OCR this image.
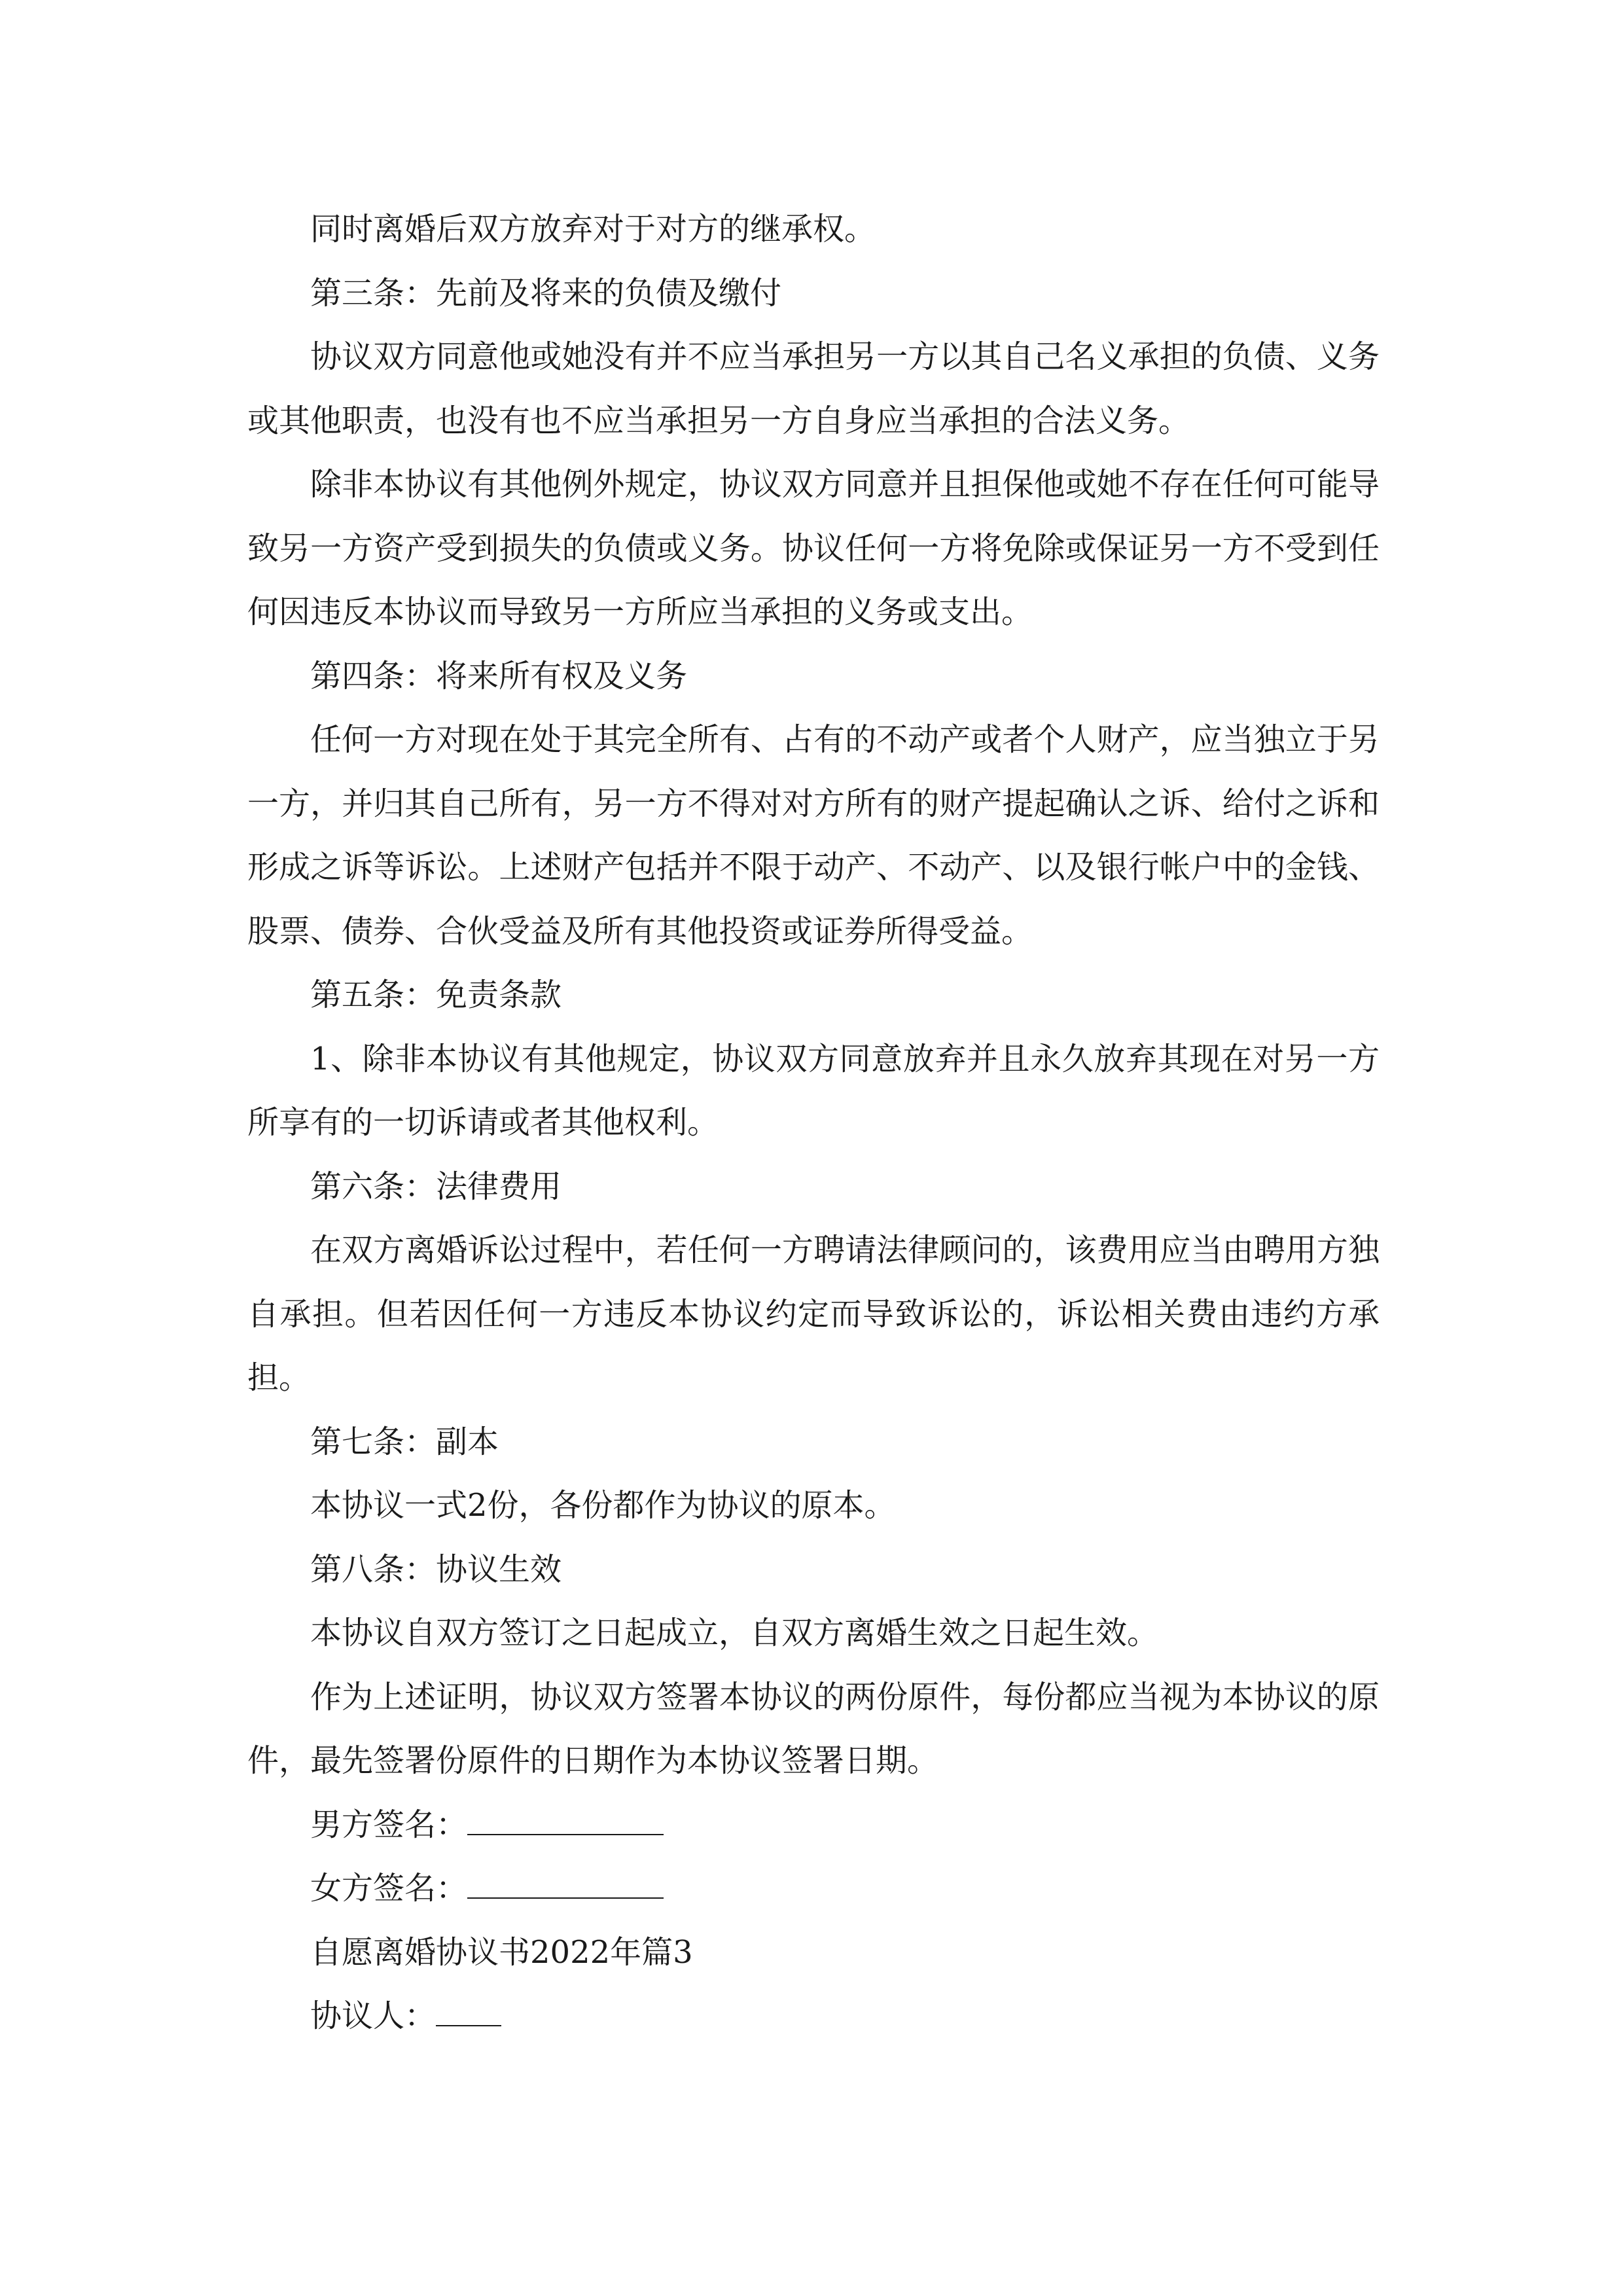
同时离婚后双方放弃对于对方的继承权。

第三条：先前及将来的负债及缴付

协议双方同意他或她没有并不应当承担另一方以其自己名义承担的负债、义务或其他职责，也没有也不应当承担另一方自身应当承担的合法义务。

除非本协议有其他例外规定，协议双方同意并且担保他或她不存在任何可能导致另一方资产受到损失的负债或义务。协议任何一方将免除或保证另一方不受到任何因违反本协议而导致另一方所应当承担的义务或支出。

第四条：将来所有权及义务

任何一方对现在处于其完全所有、占有的不动产或者个人财产，应当独立于另一方，并归其自己所有，另一方不得对对方所有的财产提起确认之诉、给付之诉和形成之诉等诉讼。上述财产包括并不限于动产、不动产、以及银行帐户中的金钱、股票、债券、合伙受益及所有其他投资或证券所得受益。

第五条：免责条款

1、除非本协议有其他规定，协议双方同意放弃并且永久放弃其现在对另一方所享有的一切诉请或者其他权利。

第六条：法律费用

在双方离婚诉讼过程中，若任何一方聘请法律顾问的，该费用应当由聘用方独自承担。但若因任何一方违反本协议约定而导致诉讼的，诉讼相关费由违约方承担。

第七条：副本

本协议一式2份，各份都作为协议的原本。

第八条：协议生效

本协议自双方签订之日起成立，自双方离婚生效之日起生效。

作为上述证明，协议双方签署本协议的两份原件，每份都应当视为本协议的原件，最先签署份原件的日期作为本协议签署日期。

男方签名：

女方签名：

自愿离婚协议书2022年篇3

协议人：
